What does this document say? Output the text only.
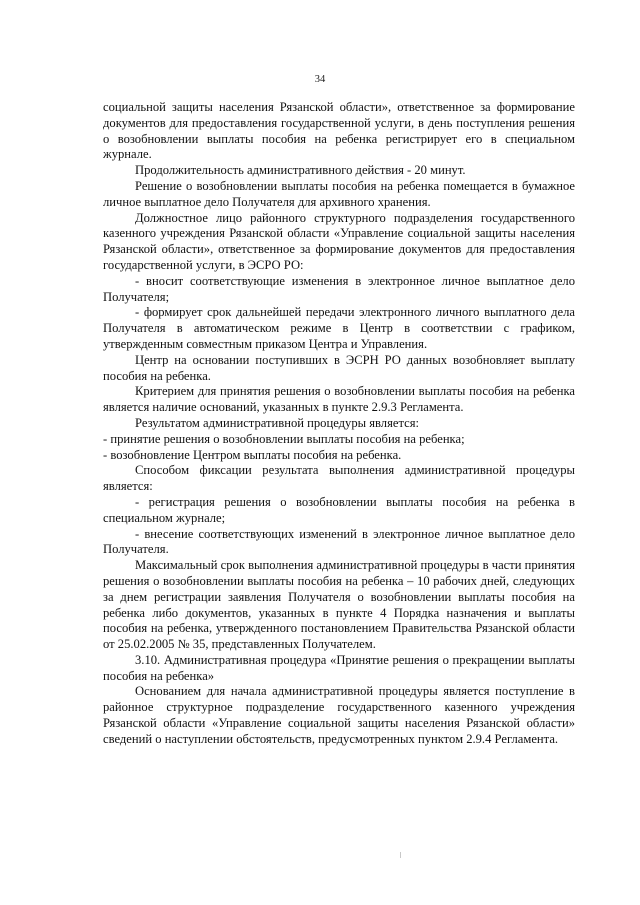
34

социальной защиты населения Рязанской области», ответственное за формирование документов для предоставления государственной услуги, в день поступления решения о возобновлении выплаты пособия на ребенка регистрирует его в специальном журнале.

Продолжительность административного действия - 20 минут.

Решение о возобновлении выплаты пособия на ребенка помещается в бумажное личное выплатное дело Получателя для архивного хранения.

Должностное лицо районного структурного подразделения государственного казенного учреждения Рязанской области «Управление социальной защиты населения Рязанской области», ответственное за формирование документов для предоставления государственной услуги, в ЭСРО РО:

- вносит соответствующие изменения в электронное личное выплатное дело Получателя;

- формирует срок дальнейшей передачи электронного личного выплатного дела Получателя в автоматическом режиме в Центр в соответствии с графиком, утвержденным совместным приказом Центра и Управления.

Центр на основании поступивших в ЭСРН РО данных возобновляет выплату пособия на ребенка.

Критерием для принятия решения о возобновлении выплаты пособия на ребенка является наличие оснований, указанных в пункте 2.9.3 Регламента.

Результатом административной процедуры является:

- принятие решения о возобновлении выплаты пособия на ребенка;

- возобновление Центром выплаты пособия на ребенка.

Способом фиксации результата выполнения административной процедуры является:

- регистрация решения о возобновлении выплаты пособия на ребенка в специальном журнале;

- внесение соответствующих изменений в электронное личное выплатное дело Получателя.

Максимальный срок выполнения административной процедуры в части принятия решения о возобновлении выплаты пособия на ребенка – 10 рабочих дней, следующих за днем регистрации заявления Получателя о возобновлении выплаты пособия на ребенка либо документов, указанных в пункте 4 Порядка назначения и выплаты пособия на ребенка, утвержденного постановлением Правительства Рязанской области от 25.02.2005 № 35, представленных Получателем.

3.10. Административная процедура «Принятие решения о прекращении выплаты пособия на ребенка»

Основанием для начала административной процедуры является поступление в районное структурное подразделение государственного казенного учреждения Рязанской области «Управление социальной защиты населения Рязанской области» сведений о наступлении обстоятельств, предусмотренных пунктом 2.9.4 Регламента.
